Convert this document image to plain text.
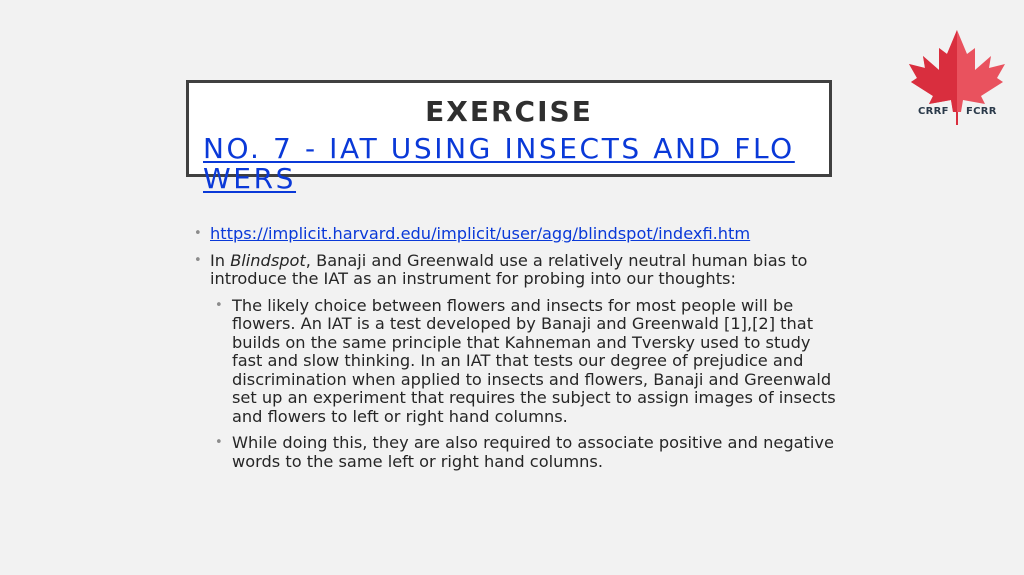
EXERCISE
NO. 7 - IAT USING INSECTS AND FLOWERS
CRRF FCRR
• https://implicit.harvard.edu/implicit/user/agg/blindspot/indexfi.htm
• In Blindspot, Banaji and Greenwald use a relatively neutral human bias to introduce the IAT as an instrument for probing into our thoughts:
• The likely choice between flowers and insects for most people will be flowers. An IAT is a test developed by Banaji and Greenwald [1],[2] that builds on the same principle that Kahneman and Tversky used to study fast and slow thinking. In an IAT that tests our degree of prejudice and discrimination when applied to insects and flowers, Banaji and Greenwald set up an experiment that requires the subject to assign images of insects and flowers to left or right hand columns.
• While doing this, they are also required to associate positive and negative words to the same left or right hand columns.
